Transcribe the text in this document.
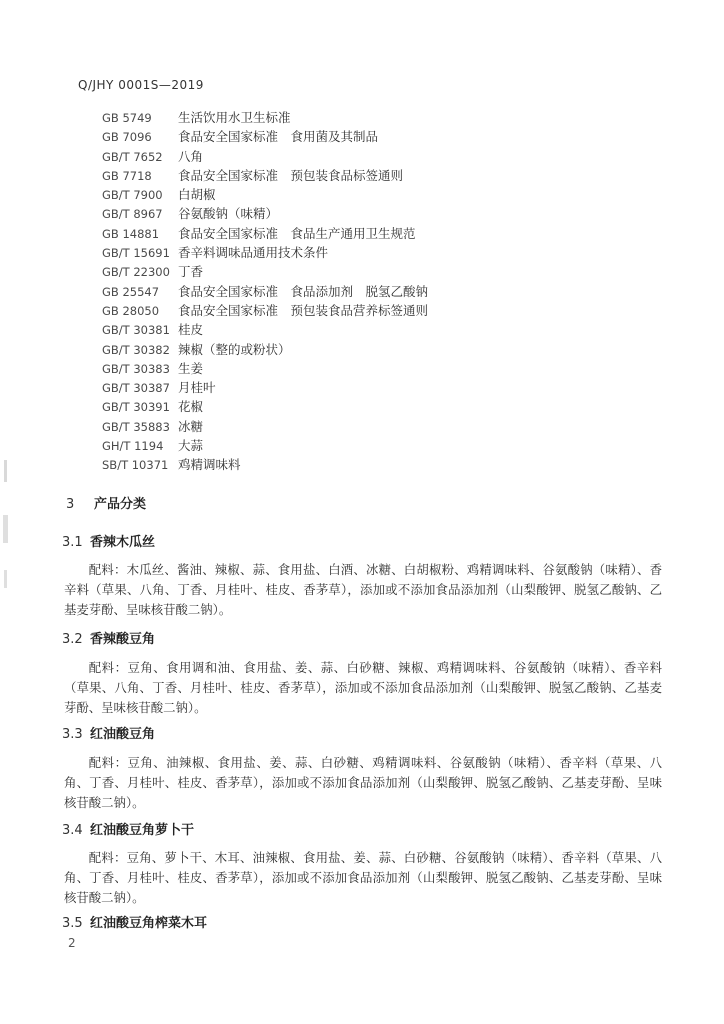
Q/JHY 0001S—2019
GB 5749 生活饮用水卫生标准
GB 7096 食品安全国家标准　食用菌及其制品
GB/T 7652 八角
GB 7718 食品安全国家标准　预包装食品标签通则
GB/T 7900 白胡椒
GB/T 8967 谷氨酸钠（味精）
GB 14881 食品安全国家标准　食品生产通用卫生规范
GB/T 15691 香辛料调味品通用技术条件
GB/T 22300 丁香
GB 25547 食品安全国家标准　食品添加剂　脱氢乙酸钠
GB 28050 食品安全国家标准　预包装食品营养标签通则
GB/T 30381 桂皮
GB/T 30382 辣椒（整的或粉状）
GB/T 30383 生姜
GB/T 30387 月桂叶
GB/T 30391 花椒
GB/T 35883 冰糖
GH/T 1194 大蒜
SB/T 10371 鸡精调味料
3 产品分类
3.1 香辣木瓜丝
配料：木瓜丝、酱油、辣椒、蒜、食用盐、白酒、冰糖、白胡椒粉、鸡精调味料、谷氨酸钠（味精）、香辛料（草果、八角、丁香、月桂叶、桂皮、香茅草），添加或不添加食品添加剂（山梨酸钾、脱氢乙酸钠、乙基麦芽酚、呈味核苷酸二钠）。
3.2 香辣酸豆角
配料：豆角、食用调和油、食用盐、姜、蒜、白砂糖、辣椒、鸡精调味料、谷氨酸钠（味精）、香辛料（草果、八角、丁香、月桂叶、桂皮、香茅草），添加或不添加食品添加剂（山梨酸钾、脱氢乙酸钠、乙基麦芽酚、呈味核苷酸二钠）。
3.3 红油酸豆角
配料：豆角、油辣椒、食用盐、姜、蒜、白砂糖、鸡精调味料、谷氨酸钠（味精）、香辛料（草果、八角、丁香、月桂叶、桂皮、香茅草），添加或不添加食品添加剂（山梨酸钾、脱氢乙酸钠、乙基麦芽酚、呈味核苷酸二钠）。
3.4 红油酸豆角萝卜干
配料：豆角、萝卜干、木耳、油辣椒、食用盐、姜、蒜、白砂糖、谷氨酸钠（味精）、香辛料（草果、八角、丁香、月桂叶、桂皮、香茅草），添加或不添加食品添加剂（山梨酸钾、脱氢乙酸钠、乙基麦芽酚、呈味核苷酸二钠）。
3.5 红油酸豆角榨菜木耳
2
